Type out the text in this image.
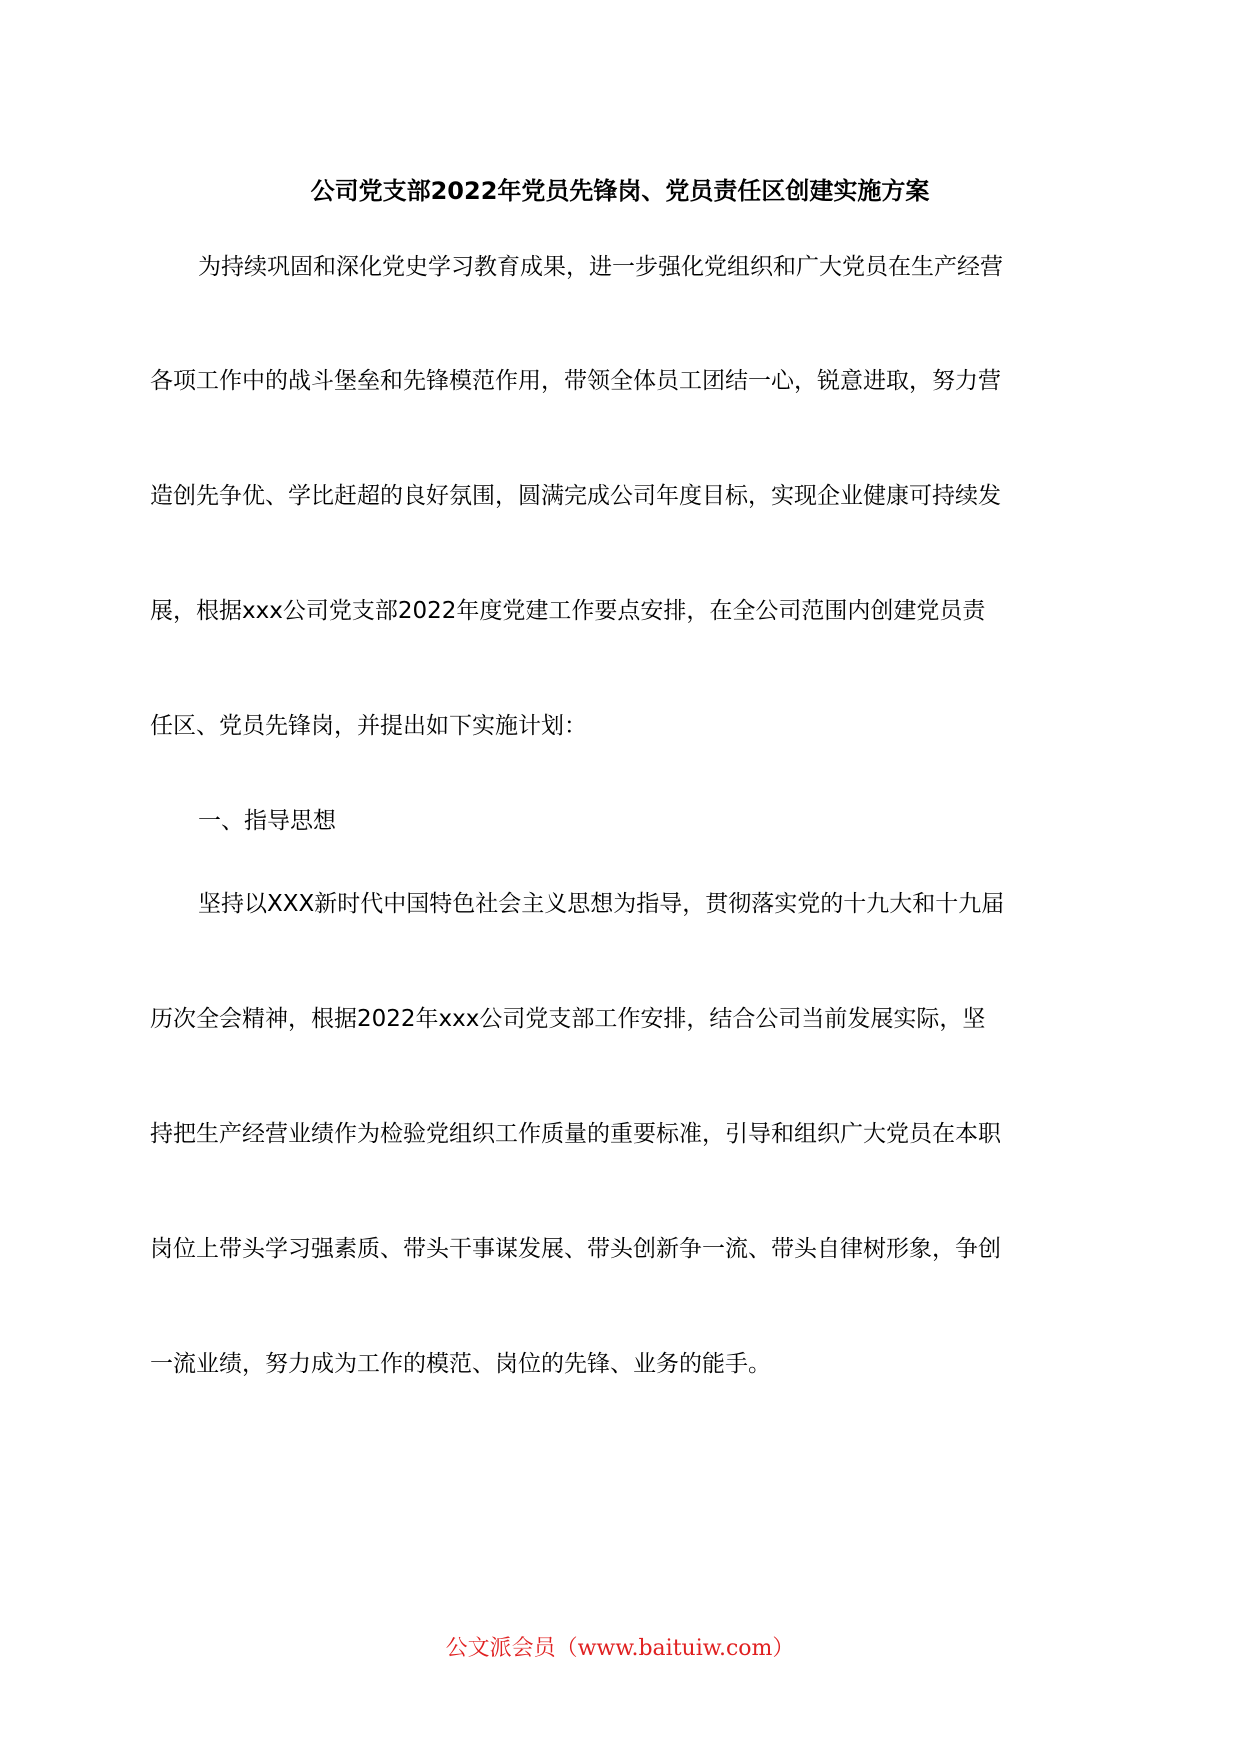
公司党支部2022年党员先锋岗、党员责任区创建实施方案
为持续巩固和深化党史学习教育成果，进一步强化党组织和广大党员在生产经营
各项工作中的战斗堡垒和先锋模范作用，带领全体员工团结一心，锐意进取，努力营
造创先争优、学比赶超的良好氛围，圆满完成公司年度目标，实现企业健康可持续发
展，根据xxx公司党支部2022年度党建工作要点安排，在全公司范围内创建党员责
任区、党员先锋岗，并提出如下实施计划：
一、指导思想
坚持以XXX新时代中国特色社会主义思想为指导，贯彻落实党的十九大和十九届
历次全会精神，根据2022年xxx公司党支部工作安排，结合公司当前发展实际，坚
持把生产经营业绩作为检验党组织工作质量的重要标准，引导和组织广大党员在本职
岗位上带头学习强素质、带头干事谋发展、带头创新争一流、带头自律树形象，争创
一流业绩，努力成为工作的模范、岗位的先锋、业务的能手。
公文派会员（www.baituiw.com）
